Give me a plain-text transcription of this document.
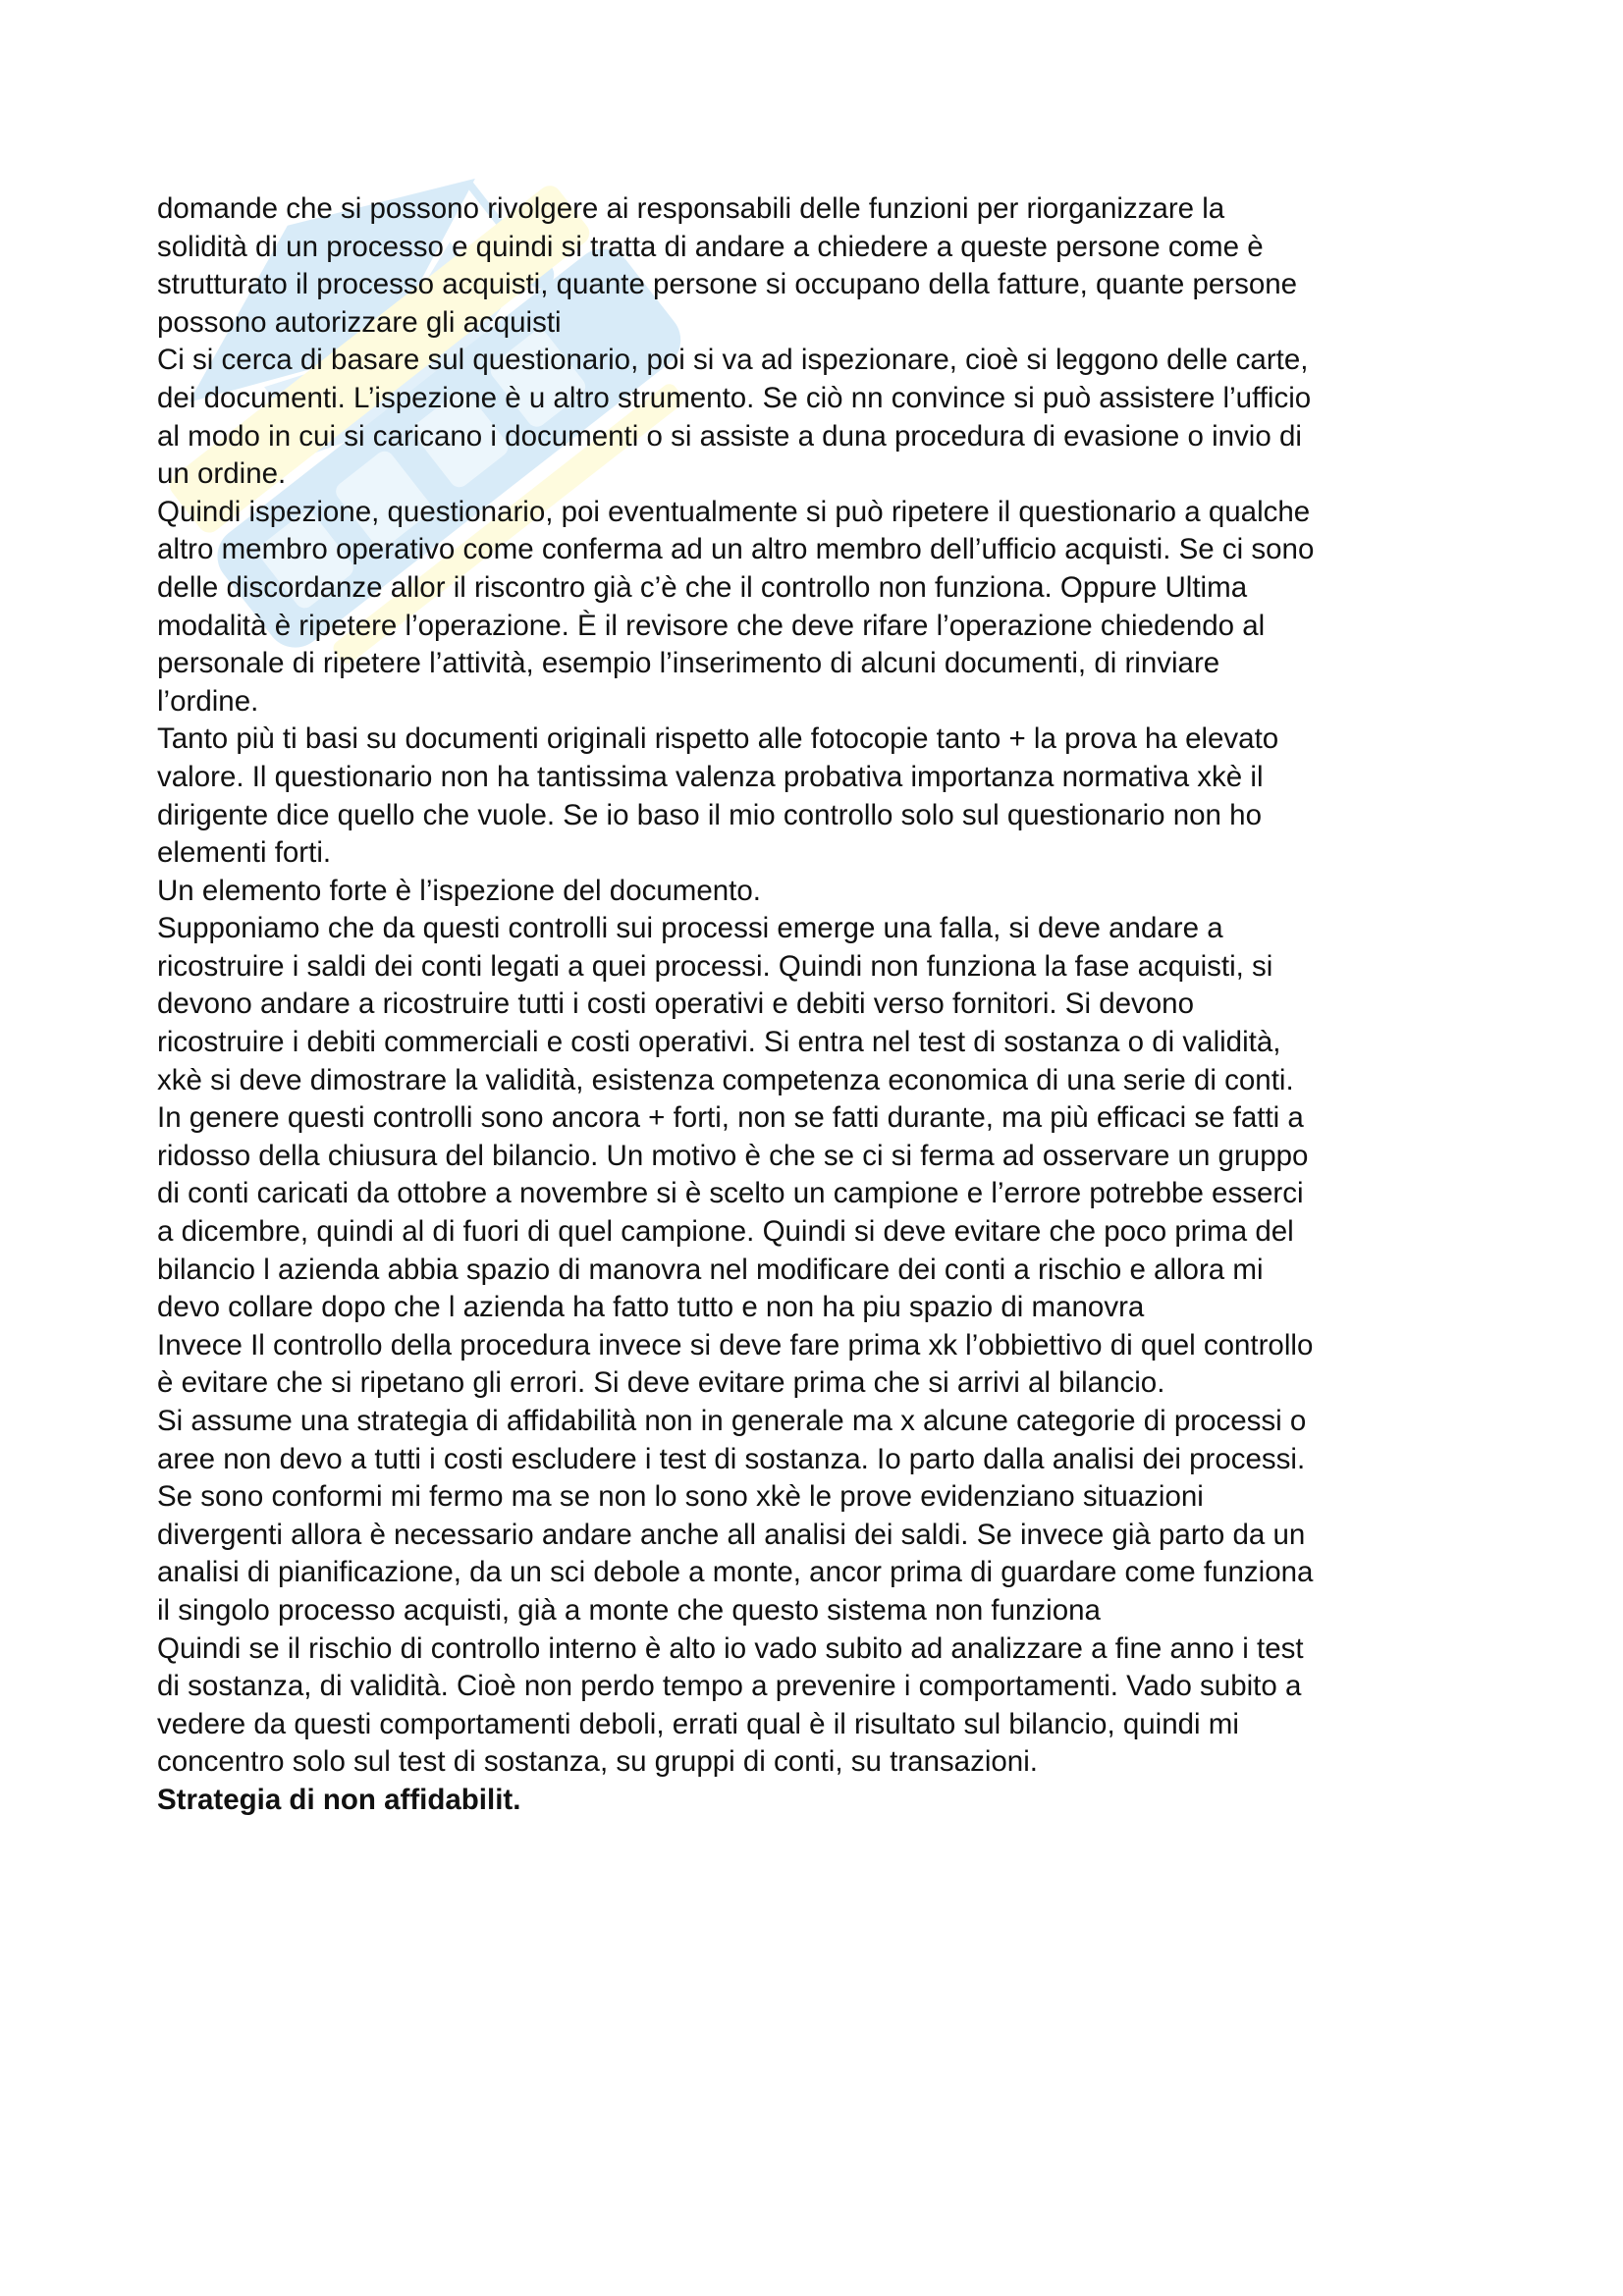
domande che si possono rivolgere ai responsabili delle funzioni per riorganizzare la
solidità di un processo e quindi si tratta di andare a chiedere a queste persone come è
strutturato il processo acquisti, quante persone si occupano della fatture, quante persone
possono autorizzare gli acquisti

Ci si cerca di basare sul questionario, poi si va ad ispezionare, cioè si leggono delle carte,
dei documenti. L’ispezione è u altro strumento. Se ciò nn convince si può assistere l’ufficio
al modo in cui si caricano i documenti o si assiste a duna procedura di evasione o invio di
un ordine.

Quindi ispezione, questionario, poi eventualmente si può ripetere il questionario a qualche
altro membro operativo come conferma ad un altro membro dell’ufficio acquisti. Se ci sono
delle discordanze allor il riscontro già c’è che il controllo non funziona. Oppure Ultima
modalità è ripetere l’operazione. È il revisore che deve rifare l’operazione chiedendo al
personale di ripetere l’attività, esempio l’inserimento di alcuni documenti, di rinviare
l’ordine.

Tanto più ti basi su documenti originali rispetto alle fotocopie tanto + la prova ha elevato
valore. Il questionario non ha tantissima valenza probativa importanza normativa xkè il
dirigente dice quello che vuole. Se io baso il mio controllo solo sul questionario non ho
elementi forti.

Un elemento forte è l’ispezione del documento.

Supponiamo che da questi controlli sui processi emerge una falla, si deve andare a
ricostruire i saldi dei conti legati a quei processi. Quindi non funziona la fase acquisti, si
devono andare a ricostruire tutti i costi operativi e debiti verso fornitori. Si devono
ricostruire i debiti commerciali e costi operativi. Si entra nel test di sostanza o di validità,
xkè si deve dimostrare la validità, esistenza competenza economica di una serie di conti.

In genere questi controlli sono ancora + forti, non se fatti durante, ma più efficaci se fatti a
ridosso della chiusura del bilancio. Un motivo è che se ci si ferma ad osservare un gruppo
di conti caricati da ottobre a novembre si è scelto un campione e l’errore potrebbe esserci
a dicembre, quindi al di fuori di quel campione. Quindi si deve evitare che poco prima del
bilancio l azienda abbia spazio di manovra nel modificare dei conti a rischio e allora mi
devo collare dopo che l azienda ha fatto tutto e non ha piu spazio di manovra

Invece Il controllo della procedura invece si deve fare prima xk l’obbiettivo di quel controllo
è evitare che si ripetano gli errori. Si deve evitare prima che si arrivi al bilancio.

Si assume una strategia di affidabilità non in generale ma x alcune categorie di processi o
aree non devo a tutti i costi escludere i test di sostanza. Io parto dalla analisi dei processi.
Se sono conformi mi fermo ma se non lo sono xkè le prove evidenziano situazioni
divergenti allora è necessario andare anche all analisi dei saldi. Se invece già parto da un
analisi di pianificazione, da un sci debole a monte, ancor prima di guardare come funziona
il singolo processo acquisti, già a monte che questo sistema non funziona

Quindi se il rischio di controllo interno è alto io vado subito ad analizzare a fine anno i test
di sostanza, di validità. Cioè non perdo tempo a prevenire i comportamenti. Vado subito a
vedere da questi comportamenti deboli, errati qual è il risultato sul bilancio, quindi mi
concentro solo sul test di sostanza, su gruppi di conti, su transazioni.

Strategia di non affidabilit.
